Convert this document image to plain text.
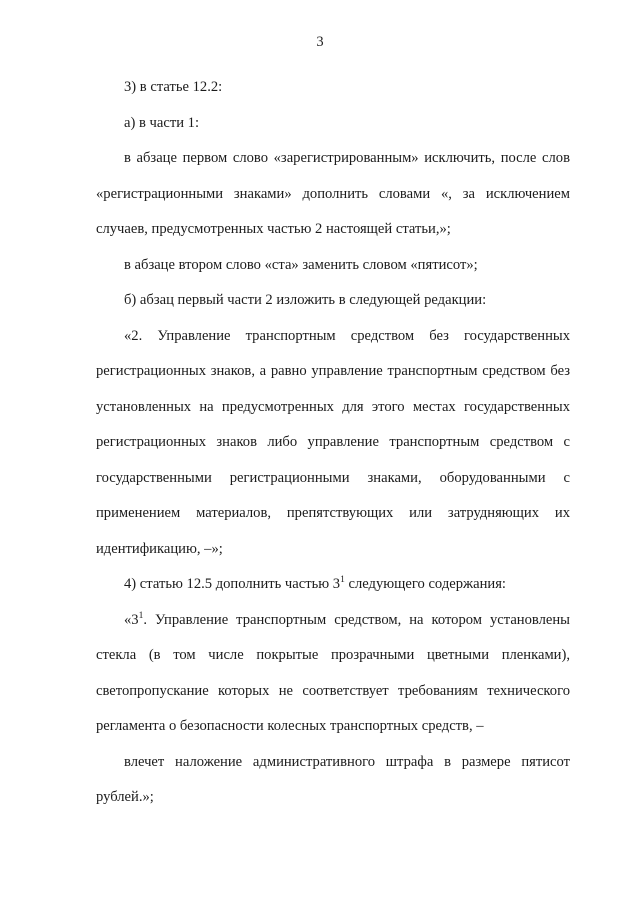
3

3) в статье 12.2:

а) в части 1:

в абзаце первом слово «зарегистрированным» исключить, после слов «регистрационными знаками» дополнить словами «, за исключением случаев, предусмотренных частью 2 настоящей статьи,»;

в абзаце втором слово «ста» заменить словом «пятисот»;

б) абзац первый части 2 изложить в следующей редакции:

«2. Управление транспортным средством без государственных регистрационных знаков, а равно управление транспортным средством без установленных на предусмотренных для этого местах государственных регистрационных знаков либо управление транспортным средством с государственными регистрационными знаками, оборудованными с применением материалов, препятствующих или затрудняющих их идентификацию, –»;

4) статью 12.5 дополнить частью $3^1$ следующего содержания:

«$3^1$. Управление транспортным средством, на котором установлены стекла (в том числе покрытые прозрачными цветными пленками), светопропускание которых не соответствует требованиям технического регламента о безопасности колесных транспортных средств, –

влечет наложение административного штрафа в размере пятисот рублей.»;
